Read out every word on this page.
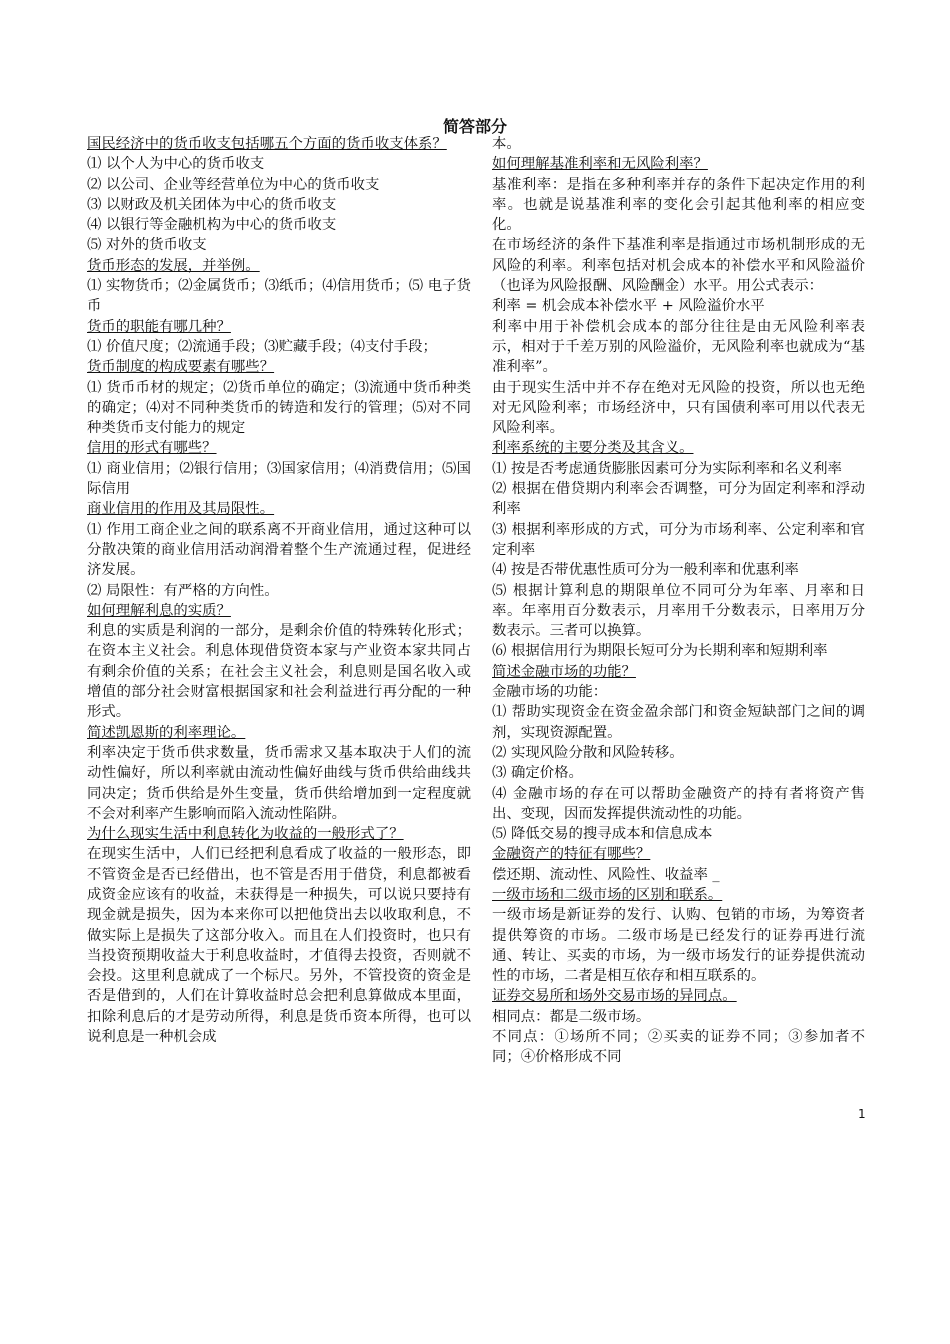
简答部分

国民经济中的货币收支包括哪五个方面的货币收支体系？

⑴ 以个人为中心的货币收支

⑵ 以公司、企业等经营单位为中心的货币收支

⑶ 以财政及机关团体为中心的货币收支

⑷ 以银行等金融机构为中心的货币收支

⑸ 对外的货币收支

货币形态的发展，并举例。

⑴ 实物货币；⑵金属货币；⑶纸币；⑷信用货币；⑸ 电子货币

货币的职能有哪几种？

⑴ 价值尺度；⑵流通手段；⑶贮藏手段；⑷支付手段；

货币制度的构成要素有哪些？

⑴ 货币币材的规定；⑵货币单位的确定；⑶流通中货币种类的确定；⑷对不同种类货币的铸造和发行的管理；⑸对不同种类货币支付能力的规定

信用的形式有哪些？

⑴ 商业信用；⑵银行信用；⑶国家信用；⑷消费信用；⑸国际信用

商业信用的作用及其局限性。

⑴ 作用工商企业之间的联系离不开商业信用，通过这种可以分散决策的商业信用活动润滑着整个生产流通过程，促进经济发展。

⑵ 局限性：有严格的方向性。

如何理解利息的实质？

利息的实质是利润的一部分，是剩余价值的特殊转化形式；在资本主义社会。利息体现借贷资本家与产业资本家共同占有剩余价值的关系；在社会主义社会，利息则是国名收入或增值的部分社会财富根据国家和社会利益进行再分配的一种形式。

简述凯恩斯的利率理论。

利率决定于货币供求数量，货币需求又基本取决于人们的流动性偏好，所以利率就由流动性偏好曲线与货币供给曲线共同决定；货币供给是外生变量，货币供给增加到一定程度就不会对利率产生影响而陷入流动性陷阱。

为什么现实生活中利息转化为收益的一般形式了？

在现实生活中，人们已经把利息看成了收益的一般形态，即不管资金是否已经借出，也不管是否用于借贷，利息都被看成资金应该有的收益，未获得是一种损失，可以说只要持有现金就是损失，因为本来你可以把他贷出去以收取利息，不做实际上是损失了这部分收入。而且在人们投资时，也只有当投资预期收益大于利息收益时，才值得去投资，否则就不会投。这里利息就成了一个标尺。另外，不管投资的资金是否是借到的，人们在计算收益时总会把利息算做成本里面，扣除利息后的才是劳动所得，利息是货币资本所得，也可以说利息是一种机会成

本。

如何理解基准利率和无风险利率？

基准利率：是指在多种利率并存的条件下起决定作用的利率。也就是说基准利率的变化会引起其他利率的相应变化。

在市场经济的条件下基准利率是指通过市场机制形成的无风险的利率。利率包括对机会成本的补偿水平和风险溢价（也译为风险报酬、风险酬金）水平。用公式表示：

利率 = 机会成本补偿水平 + 风险溢价水平

利率中用于补偿机会成本的部分往往是由无风险利率表示，相对于千差万别的风险溢价，无风险利率也就成为“基准利率”。

由于现实生活中并不存在绝对无风险的投资，所以也无绝对无风险利率；市场经济中，只有国债利率可用以代表无风险利率。

利率系统的主要分类及其含义。

⑴ 按是否考虑通货膨胀因素可分为实际利率和名义利率

⑵ 根据在借贷期内利率会否调整，可分为固定利率和浮动利率

⑶ 根据利率形成的方式，可分为市场利率、公定利率和官定利率

⑷ 按是否带优惠性质可分为一般利率和优惠利率

⑸ 根据计算利息的期限单位不同可分为年率、月率和日率。年率用百分数表示，月率用千分数表示，日率用万分数表示。三者可以换算。

⑹ 根据信用行为期限长短可分为长期利率和短期利率

简述金融市场的功能？

金融市场的功能：

⑴ 帮助实现资金在资金盈余部门和资金短缺部门之间的调剂，实现资源配置。

⑵ 实现风险分散和风险转移。

⑶ 确定价格。

⑷ 金融市场的存在可以帮助金融资产的持有者将资产售出、变现，因而发挥提供流动性的功能。

⑸ 降低交易的搜寻成本和信息成本

金融资产的特征有哪些？

偿还期、流动性、风险性、收益率 _

一级市场和二级市场的区别和联系。

一级市场是新证券的发行、认购、包销的市场，为筹资者提供筹资的市场。二级市场是已经发行的证券再进行流通、转让、买卖的市场，为一级市场发行的证券提供流动性的市场，二者是相互依存和相互联系的。

证券交易所和场外交易市场的异同点。

相同点：都是二级市场。

不同点：①场所不同；②买卖的证券不同；③参加者不同；④价格形成不同

1
